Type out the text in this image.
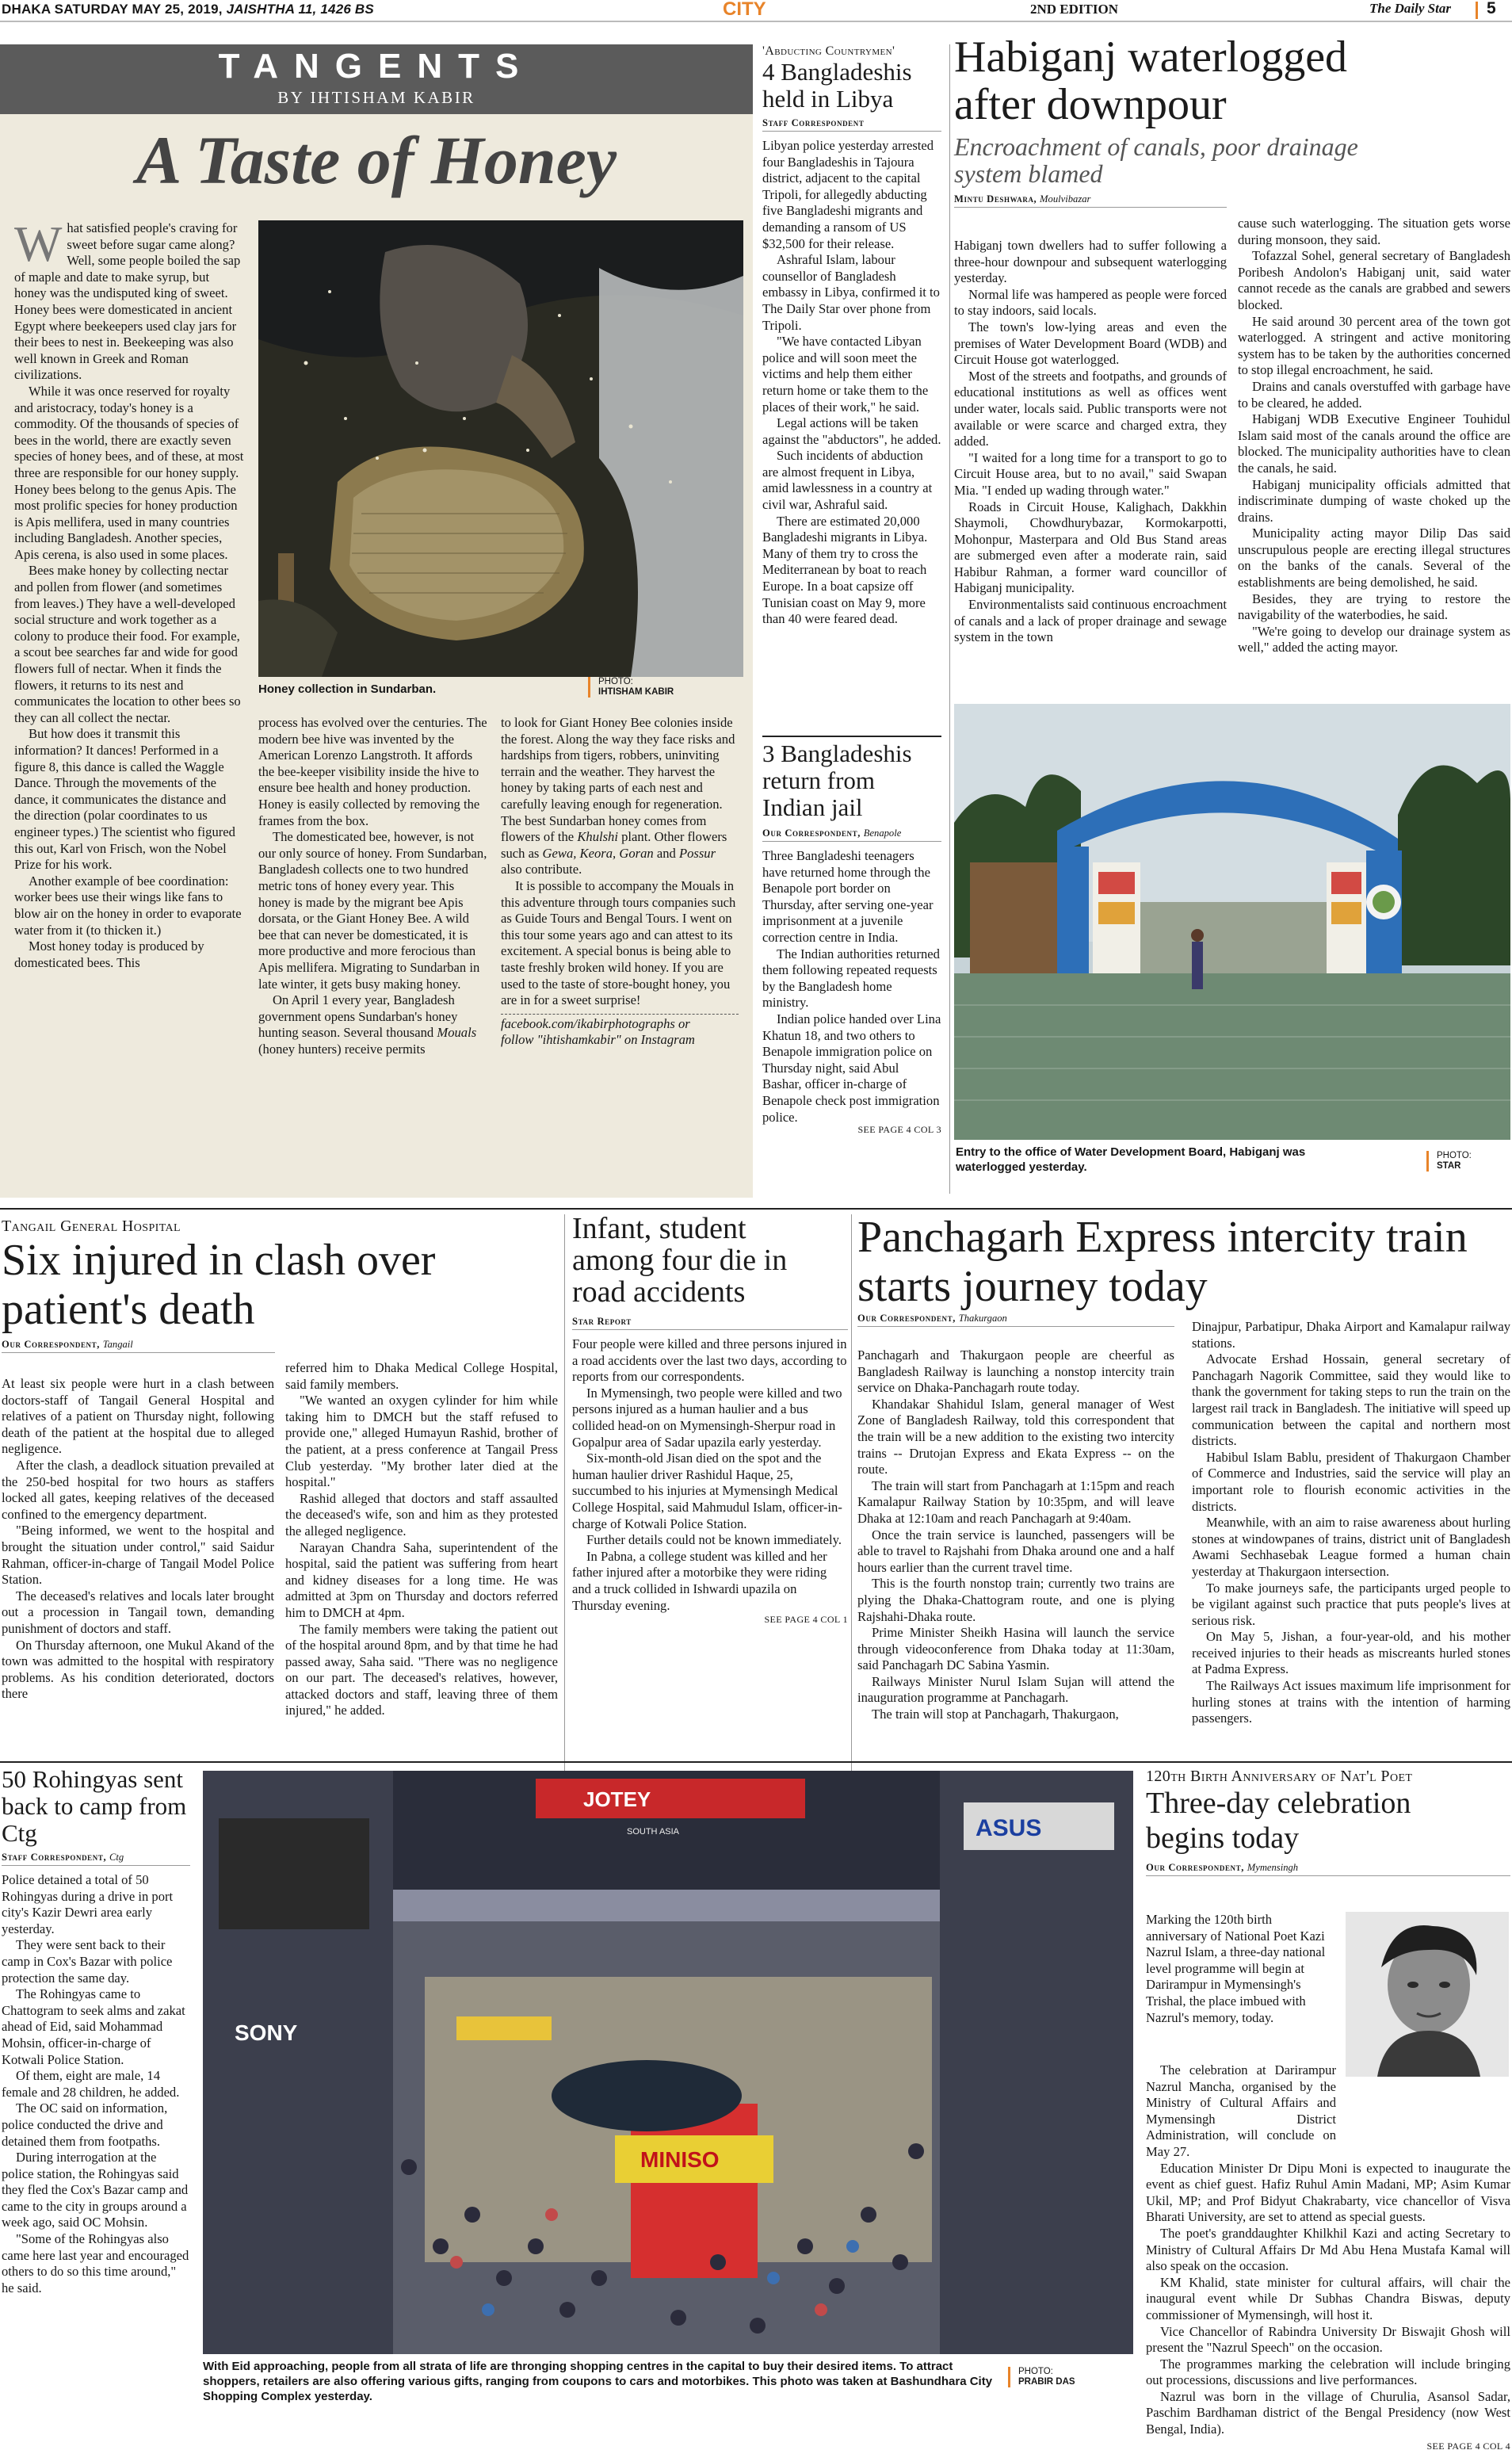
DHAKA SATURDAY MAY 25, 2019, JAISHTHA 11, 1426 BS	CITY	2ND EDITION	The Daily Star 5
TANGENTS
BY IHTISHAM KABIR
A Taste of Honey
W hat satisfied people's craving for sweet before sugar came along? Well, some people boiled the sap of maple and date to make syrup, but honey was the undisputed king of sweet. Honey bees were domesticated in ancient Egypt where beekeepers used clay jars for their bees to nest in. Beekeeping was also well known in Greek and Roman civilizations.

While it was once reserved for royalty and aristocracy, today's honey is a commodity. Of the thousands of species of bees in the world, there are exactly seven species of honey bees, and of these, at most three are responsible for our honey supply. Honey bees belong to the genus Apis. The most prolific species for honey production is Apis mellifera, used in many countries including Bangladesh. Another species, Apis cerena, is also used in some places.

Bees make honey by collecting nectar and pollen from flower (and sometimes from leaves.) They have a well-developed social structure and work together as a colony to produce their food. For example, a scout bee searches far and wide for good flowers full of nectar. When it finds the flowers, it returns to its nest and communicates the location to other bees so they can all collect the nectar.

But how does it transmit this information? It dances! Performed in a figure 8, this dance is called the Waggle Dance. Through the movements of the dance, it communicates the distance and the direction (polar coordinates to us engineer types.) The scientist who figured this out, Karl von Frisch, won the Nobel Prize for his work.

Another example of bee coordination: worker bees use their wings like fans to blow air on the honey in order to evaporate water from it (to thicken it.)

Most honey today is produced by domesticated bees. This

Honey collection in Sundarban.
PHOTO:
IHTISHAM KABIR

process has evolved over the centuries. The modern bee hive was invented by the American Lorenzo Langstroth. It affords the bee-keeper visibility inside the hive to ensure bee health and honey production. Honey is easily collected by removing the frames from the box.

The domesticated bee, however, is not our only source of honey. From Sundarban, Bangladesh collects one to two hundred metric tons of honey every year. This honey is made by the migrant bee Apis dorsata, or the Giant Honey Bee. A wild bee that can never be domesticated, it is more productive and more ferocious than Apis mellifera. Migrating to Sundarban in late winter, it gets busy making honey.

On April 1 every year, Bangladesh government opens Sundarban's honey hunting season. Several thousand Mouals (honey hunters) receive permits

to look for Giant Honey Bee colonies inside the forest. Along the way they face risks and hardships from tigers, robbers, uninviting terrain and the weather. They harvest the honey by taking parts of each nest and carefully leaving enough for regeneration. The best Sundarban honey comes from flowers of the Khulshi plant. Other flowers such as Gewa, Keora, Goran and Possur also contribute.

It is possible to accompany the Mouals in this adventure through tours companies such as Guide Tours and Bengal Tours. I went on this tour some years ago and can attest to its excitement. A special bonus is being able to taste freshly broken wild honey. If you are used to the taste of store-bought honey, you are in for a sweet surprise!

facebook.com/ikabirphotographs or
follow "ihtishamkabir" on Instagram
'Abducting Countrymen'
4 Bangladeshis held in Libya
Staff Correspondent

Libyan police yesterday arrested four Bangladeshis in Tajoura district, adjacent to the capital Tripoli, for allegedly abducting five Bangladeshi migrants and demanding a ransom of US $32,500 for their release.

Ashraful Islam, labour counsellor of Bangladesh embassy in Libya, confirmed it to The Daily Star over phone from Tripoli.

"We have contacted Libyan police and will soon meet the victims and help them either return home or take them to the places of their work," he said.

Legal actions will be taken against the "abductors", he added.

Such incidents of abduction are almost frequent in Libya, amid lawlessness in a country at civil war, Ashraful said.

There are estimated 20,000 Bangladeshi migrants in Libya. Many of them try to cross the Mediterranean by boat to reach Europe. In a boat capsize off Tunisian coast on May 9, more than 40 were feared dead.

3 Bangladeshis return from Indian jail
Our Correspondent, Benapole

Three Bangladeshi teenagers have returned home through the Benapole port border on Thursday, after serving one-year imprisonment at a juvenile correction centre in India.

The Indian authorities returned them following repeated requests by the Bangladesh home ministry.

Indian police handed over Lina Khatun 18, and two others to Benapole immigration police on Thursday night, said Abul Bashar, officer in-charge of Benapole check post immigration police.

SEE PAGE 4 COL 3
Habiganj waterlogged after downpour
Encroachment of canals, poor drainage system blamed
Mintu Deshwara, Moulvibazar

Habiganj town dwellers had to suffer following a three-hour downpour and subsequent waterlogging yesterday.

Normal life was hampered as people were forced to stay indoors, said locals.

The town's low-lying areas and even the premises of Water Development Board (WDB) and Circuit House got waterlogged.

Most of the streets and footpaths, and grounds of educational institutions as well as offices went under water, locals said. Public transports were not available or were scarce and charged extra, they added.

"I waited for a long time for a transport to go to Circuit House area, but to no avail," said Swapan Mia. "I ended up wading through water."

Roads in Circuit House, Kalighach, Dakkhin Shaymoli, Chowdhurybazar, Kormokarpotti, Mohonpur, Masterpara and Old Bus Stand areas are submerged even after a moderate rain, said Habibur Rahman, a former ward councillor of Habiganj municipality.

Environmentalists said continuous encroachment of canals and a lack of proper drainage and sewage system in the town

cause such waterlogging. The situation gets worse during monsoon, they said.

Tofazzal Sohel, general secretary of Bangladesh Poribesh Andolon's Habiganj unit, said water cannot recede as the canals are grabbed and sewers blocked.

He said around 30 percent area of the town got waterlogged. A stringent and active monitoring system has to be taken by the authorities concerned to stop illegal encroachment, he said.

Drains and canals overstuffed with garbage have to be cleared, he added.

Habiganj WDB Executive Engineer Touhidul Islam said most of the canals around the office are blocked. The municipality authorities have to clean the canals, he said.

Habiganj municipality officials admitted that indiscriminate dumping of waste choked up the drains.

Municipality acting mayor Dilip Das said unscrupulous people are erecting illegal structures on the banks of the canals. Several of the establishments are being demolished, he said.

Besides, they are trying to restore the navigability of the waterbodies, he said.

"We're going to develop our drainage system as well," added the acting mayor.

Entry to the office of Water Development Board, Habiganj was waterlogged yesterday.
PHOTO:
STAR
Tangail General Hospital
Six injured in clash over patient's death
Our Correspondent, Tangail

At least six people were hurt in a clash between doctors-staff of Tangail General Hospital and relatives of a patient on Thursday night, following death of the patient at the hospital due to alleged negligence.

After the clash, a deadlock situation prevailed at the 250-bed hospital for two hours as staffers locked all gates, keeping relatives of the deceased confined to the emergency department.

"Being informed, we went to the hospital and brought the situation under control," said Saidur Rahman, officer-in-charge of Tangail Model Police Station.

The deceased's relatives and locals later brought out a procession in Tangail town, demanding punishment of doctors and staff.

On Thursday afternoon, one Mukul Akand of the town was admitted to the hospital with respiratory problems. As his condition deteriorated, doctors there

referred him to Dhaka Medical College Hospital, said family members.

"We wanted an oxygen cylinder for him while taking him to DMCH but the staff refused to provide one," alleged Humayun Rashid, brother of the patient, at a press conference at Tangail Press Club yesterday. "My brother later died at the hospital."

Rashid alleged that doctors and staff assaulted the deceased's wife, son and him as they protested the alleged negligence.

Narayan Chandra Saha, superintendent of the hospital, said the patient was suffering from heart and kidney diseases for a long time. He was admitted at 3pm on Thursday and doctors referred him to DMCH at 4pm.

The family members were taking the patient out of the hospital around 8pm, and by that time he had passed away, Saha said. "There was no negligence on our part. The deceased's relatives, however, attacked doctors and staff, leaving three of them injured," he added.

Infant, student among four die in road accidents
Star Report

Four people were killed and three persons injured in a road accidents over the last two days, according to reports from our correspondents.

In Mymensingh, two people were killed and two persons injured as a human haulier and a bus collided head-on on Mymensingh-Sherpur road in Gopalpur area of Sadar upazila early yesterday.

Six-month-old Jisan died on the spot and the human haulier driver Rashidul Haque, 25, succumbed to his injuries at Mymensingh Medical College Hospital, said Mahmudul Islam, officer-in-charge of Kotwali Police Station.

Further details could not be known immediately.

In Pabna, a college student was killed and her father injured after a motorbike they were riding and a truck collided in Ishwardi upazila on Thursday evening.

SEE PAGE 4 COL 1
Panchagarh Express intercity train starts journey today
Our Correspondent, Thakurgaon

Panchagarh and Thakurgaon people are cheerful as Bangladesh Railway is launching a nonstop intercity train service on Dhaka-Panchagarh route today.

Khandakar Shahidul Islam, general manager of West Zone of Bangladesh Railway, told this correspondent that the train will be a new addition to the existing two intercity trains -- Drutojan Express and Ekata Express -- on the route.

The train will start from Panchagarh at 1:15pm and reach Kamalapur Railway Station by 10:35pm, and will leave Dhaka at 12:10am and reach Panchagarh at 9:40am.

Once the train service is launched, passengers will be able to travel to Rajshahi from Dhaka around one and a half hours earlier than the current travel time.

This is the fourth nonstop train; currently two trains are plying the Dhaka-Chattogram route, and one is plying Rajshahi-Dhaka route.

Prime Minister Sheikh Hasina will launch the service through videoconference from Dhaka today at 11:30am, said Panchagarh DC Sabina Yasmin.

Railways Minister Nurul Islam Sujan will attend the inauguration programme at Panchagarh.

The train will stop at Panchagarh, Thakurgaon,

Dinajpur, Parbatipur, Dhaka Airport and Kamalapur railway stations.

Advocate Ershad Hossain, general secretary of Panchagarh Nagorik Committee, said they would like to thank the government for taking steps to run the train on the largest rail track in Bangladesh. The initiative will speed up communication between the capital and northern most districts.

Habibul Islam Bablu, president of Thakurgaon Chamber of Commerce and Industries, said the service will play an important role to flourish economic activities in the districts.

Meanwhile, with an aim to raise awareness about hurling stones at windowpanes of trains, district unit of Bangladesh Awami Sechhasebak League formed a human chain yesterday at Thakurgaon intersection.

To make journeys safe, the participants urged people to be vigilant against such practice that puts people's lives at serious risk.

On May 5, Jishan, a four-year-old, and his mother received injuries to their heads as miscreants hurled stones at Padma Express.

The Railways Act issues maximum life imprisonment for hurling stones at trains with the intention of harming passengers.

50 Rohingyas sent back to camp from Ctg
Staff Correspondent, Ctg

Police detained a total of 50 Rohingyas during a drive in port city's Kazir Dewri area early yesterday.

They were sent back to their camp in Cox's Bazar with police protection the same day.

The Rohingyas came to Chattogram to seek alms and zakat ahead of Eid, said Mohammad Mohsin, officer-in-charge of Kotwali Police Station.

Of them, eight are male, 14 female and 28 children, he added.

The OC said on information, police conducted the drive and detained them from footpaths.

During interrogation at the police station, the Rohingyas said they fled the Cox's Bazar camp and came to the city in groups around a week ago, said OC Mohsin.

"Some of the Rohingyas also came here last year and encouraged others to do so this time around," he said.

SONY
ASUS
JOTEY
SOUTH ASIA
MINISO
With Eid approaching, people from all strata of life are thronging shopping centres in the capital to buy their desired items. To attract shoppers, retailers are also offering various gifts, ranging from coupons to cars and motorbikes. This photo was taken at Bashundhara City Shopping Complex yesterday.
PHOTO:
PRABIR DAS
120th Birth Anniversary of Nat'l Poet
Three-day celebration begins today
Our Correspondent, Mymensingh

Marking the 120th birth anniversary of National Poet Kazi Nazrul Islam, a three-day national level programme will begin at Darirampur in Mymensingh's Trishal, the place imbued with Nazrul's memory, today.

The celebration at Darirampur Nazrul Mancha, organised by the Ministry of Cultural Affairs and Mymensingh District Administration, will conclude on May 27.

Education Minister Dr Dipu Moni is expected to inaugurate the event as chief guest. Hafiz Ruhul Amin Madani, MP; Asim Kumar Ukil, MP; and Prof Bidyut Chakrabarty, vice chancellor of Visva Bharati University, are set to attend as special guests.

The poet's granddaughter Khilkhil Kazi and acting Secretary to Ministry of Cultural Affairs Dr Md Abu Hena Mustafa Kamal will also speak on the occasion.

KM Khalid, state minister for cultural affairs, will chair the inaugural event while Dr Subhas Chandra Biswas, deputy commissioner of Mymensingh, will host it.

Vice Chancellor of Rabindra University Dr Biswajit Ghosh will present the "Nazrul Speech" on the occasion.

The programmes marking the celebration will include bringing out processions, discussions and live performances.

Nazrul was born in the village of Churulia, Asansol Sadar, Paschim Bardhaman district of the Bengal Presidency (now West Bengal, India).

SEE PAGE 4 COL 4
